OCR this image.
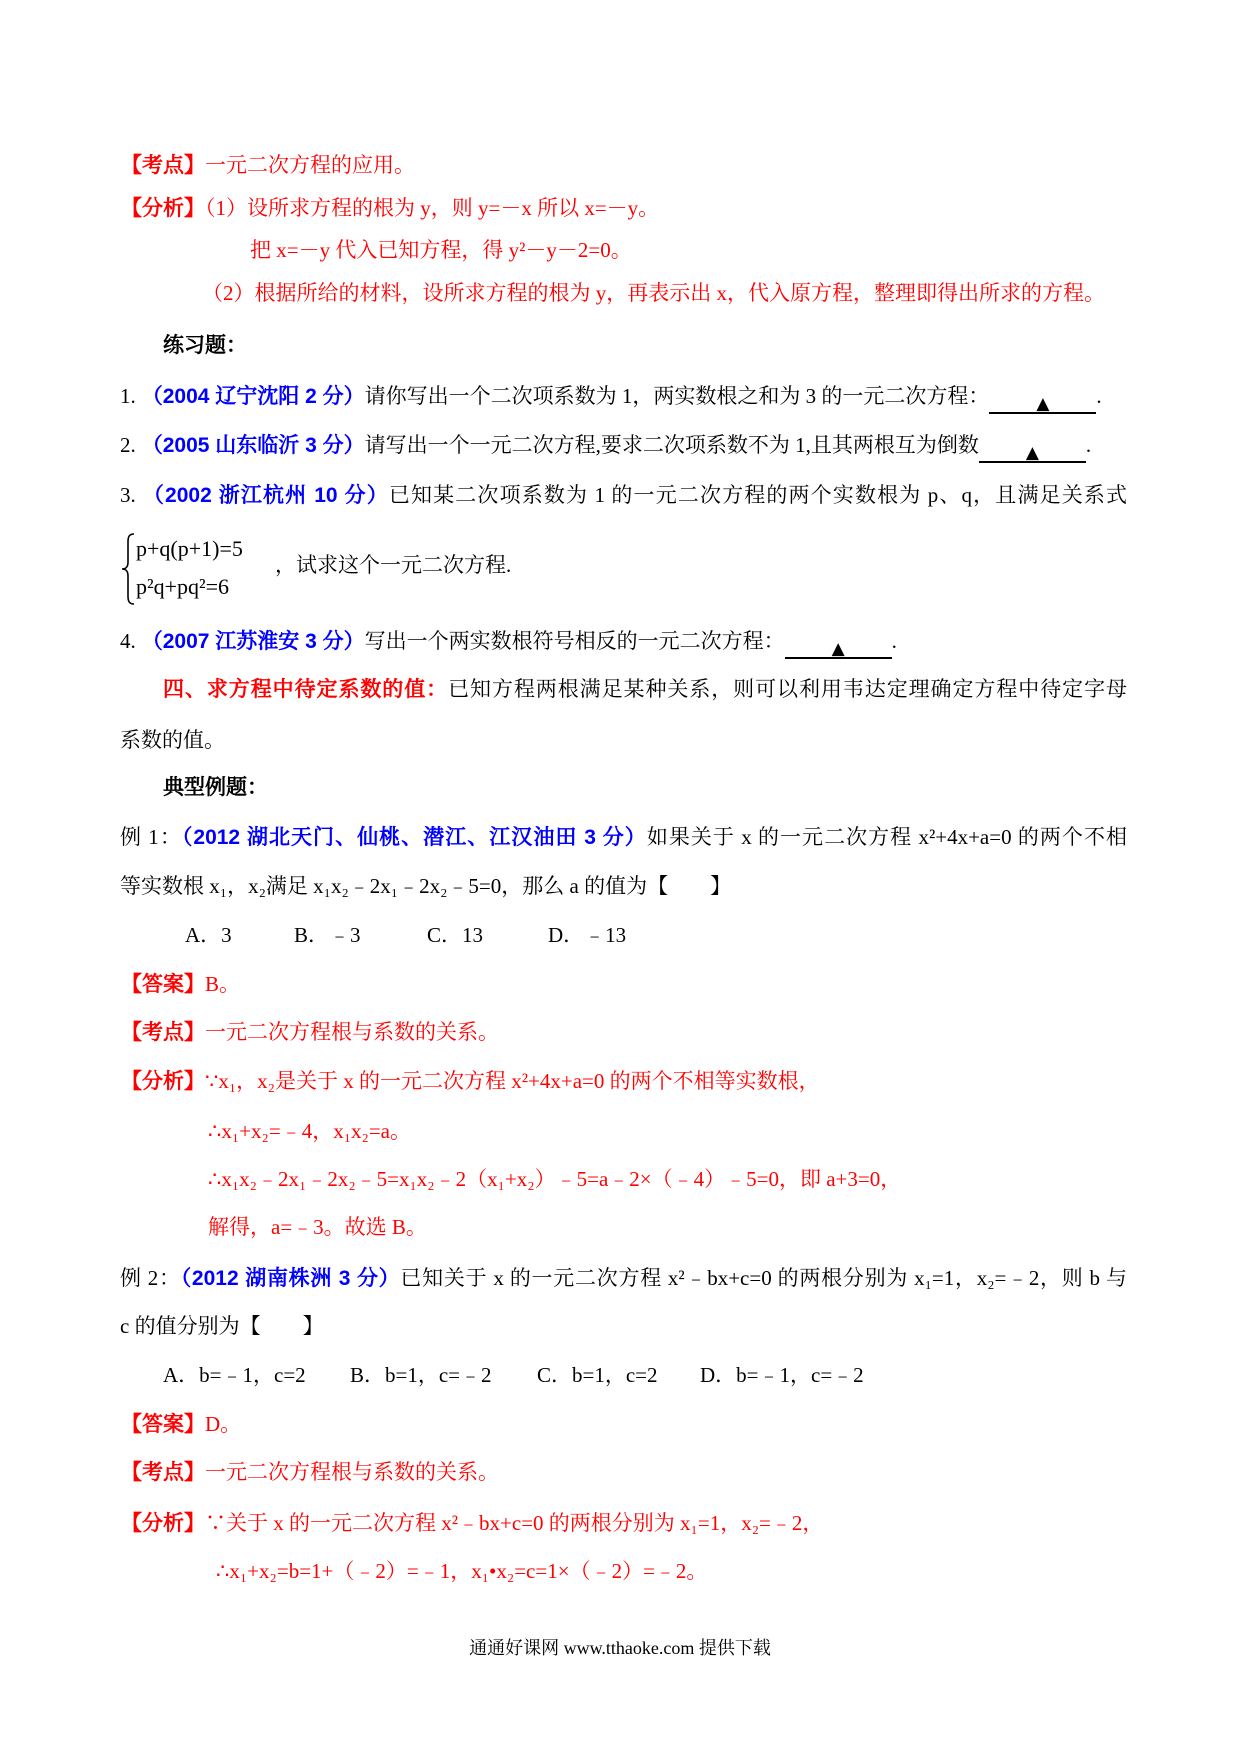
【考点】一元二次方程的应用。
【分析】（1）设所求方程的根为 y，则 y=－x 所以 x=－y。
把 x=－y 代入已知方程，得 y²－y－2=0。
（2）根据所给的材料，设所求方程的根为 y，再表示出 x，代入原方程，整理即得出所求的方程。
练习题：
1. （2004 辽宁沈阳 2 分）请你写出一个二次项系数为 1，两实数根之和为 3 的一元二次方程：	▲ .
2. （2005 山东临沂 3 分）请写出一个一元二次方程,要求二次项系数不为 1,且其两根互为倒数	▲ .
3. （2002 浙江杭州 10 分）已知某二次项系数为 1 的一元二次方程的两个实数根为 p、q，且满足关系式
p+q(p+1)=5
p²q+pq²=6
，试求这个一元二次方程.
4. （2007 江苏淮安 3 分）写出一个两实数根符号相反的一元二次方程：	▲ .
四、求方程中待定系数的值：已知方程两根满足某种关系，则可以利用韦达定理确定方程中待定字母
系数的值。
典型例题：
例 1：（2012 湖北天门、仙桃、潜江、江汉油田 3 分）如果关于 x 的一元二次方程 x²+4x+a=0 的两个不相
等实数根 x₁，x₂满足 x₁x₂﹣2x₁﹣2x₂﹣5=0，那么 a 的值为【　　】
A．3	B．﹣3	C．13	D．﹣13
【答案】B。
【考点】一元二次方程根与系数的关系。
【分析】∵x₁，x₂是关于 x 的一元二次方程 x²+4x+a=0 的两个不相等实数根，
∴x₁+x₂=﹣4，x₁x₂=a。
∴x₁x₂﹣2x₁﹣2x₂﹣5=x₁x₂﹣2（x₁+x₂）﹣5=a﹣2×（﹣4）﹣5=0，即 a+3=0，
解得，a=﹣3。故选 B。
例 2：（2012 湖南株洲 3 分）已知关于 x 的一元二次方程 x²﹣bx+c=0 的两根分别为 x₁=1，x₂=﹣2，则 b 与
c 的值分别为【　　】
A．b=﹣1，c=2 B．b=1，c=﹣2 C．b=1，c=2 D．b=﹣1，c=﹣2
【答案】D。
【考点】一元二次方程根与系数的关系。
【分析】∵关于 x 的一元二次方程 x²﹣bx+c=0 的两根分别为 x₁=1，x₂=﹣2，
∴x₁+x₂=b=1+（﹣2）=﹣1，x₁•x₂=c=1×（﹣2）=﹣2。
通通好课网 www.tthaoke.com 提供下载
